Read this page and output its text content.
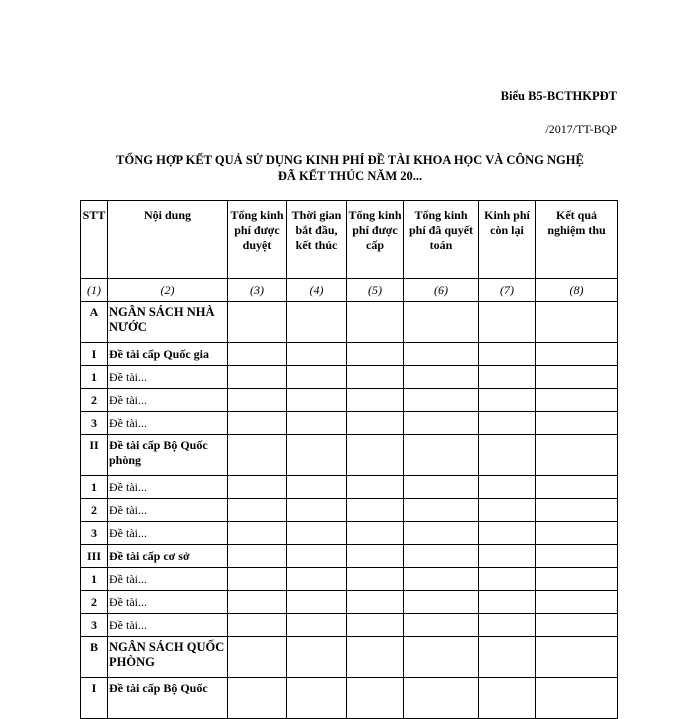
Biểu B5-BCTHKPĐT
/2017/TT-BQP
TỔNG HỢP KẾT QUẢ SỬ DỤNG KINH PHÍ ĐỀ TÀI KHOA HỌC VÀ CÔNG NGHỆ
ĐÃ KẾT THÚC NĂM 20...
STT	Nội dung	Tổng kinh phí được duyệt	Thời gian bắt đầu, kết thúc	Tổng kinh phí được cấp	Tổng kinh phí đã quyết toán	Kinh phí còn lại	Kết quả nghiệm thu
(1)	(2)	(3)	(4)	(5)	(6)	(7)	(8)
A	NGÂN SÁCH NHÀ NƯỚC						
I	Đề tài cấp Quốc gia						
1	Đề tài...						
2	Đề tài...						
3	Đề tài...						
II	Đề tài cấp Bộ Quốc phòng						
1	Đề tài...						
2	Đề tài...						
3	Đề tài...						
III	Đề tài cấp cơ sở						
1	Đề tài...						
2	Đề tài...						
3	Đề tài...						
B	NGÂN SÁCH QUỐC PHÒNG						
I	Đề tài cấp Bộ Quốc						
